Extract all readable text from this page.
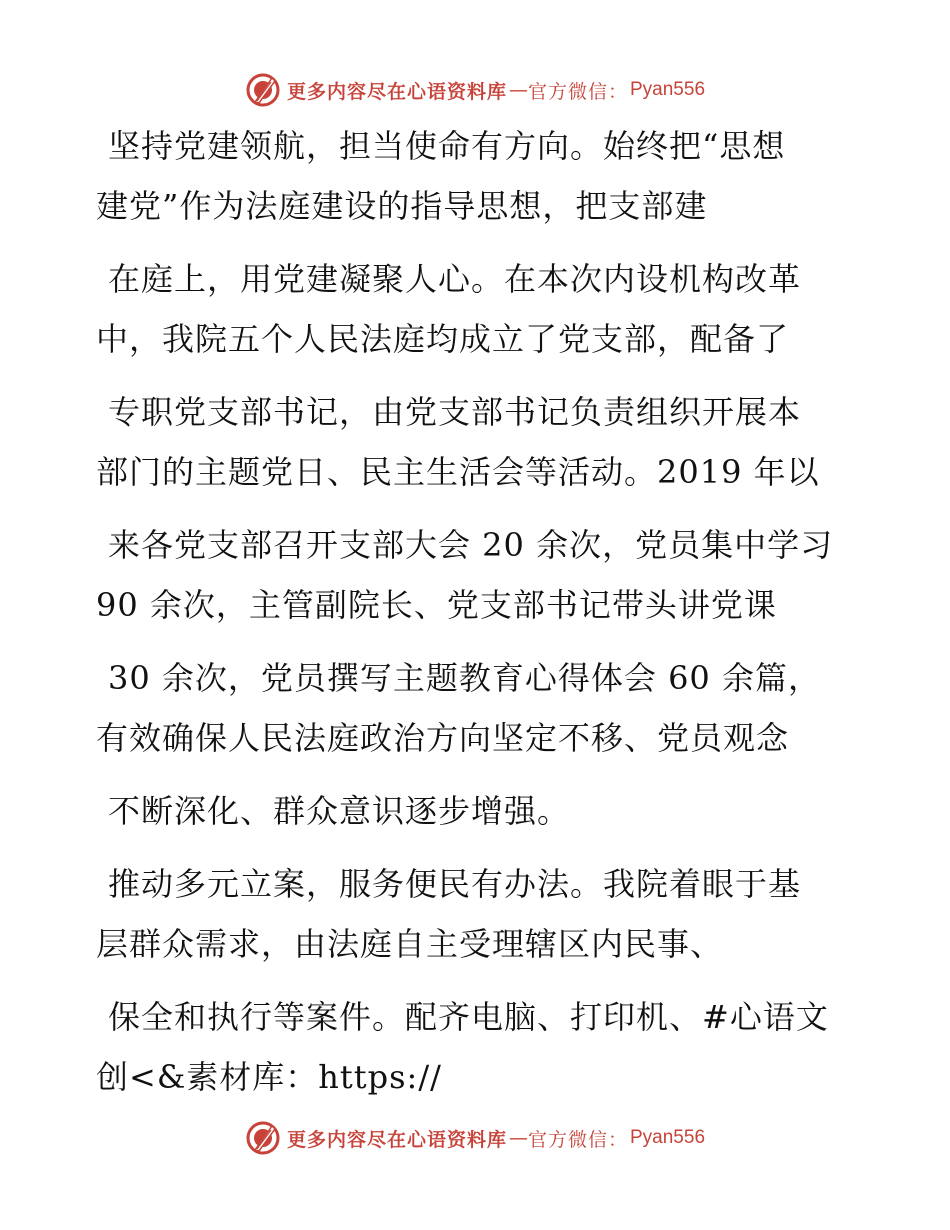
更多内容尽在心语资料库 — 官方微信： Pyan556
坚持党建领航，担当使命有方向。始终把“思想
建党”作为法庭建设的指导思想，把支部建
在庭上，用党建凝聚人心。在本次内设机构改革
中，我院五个人民法庭均成立了党支部，配备了
专职党支部书记，由党支部书记负责组织开展本
部门的主题党日、民主生活会等活动。2019 年以
来各党支部召开支部大会 20 余次，党员集中学习
90 余次，主管副院长、党支部书记带头讲党课
30 余次，党员撰写主题教育心得体会 60 余篇，
有效确保人民法庭政治方向坚定不移、党员观念
不断深化、群众意识逐步增强。
推动多元立案，服务便民有办法。我院着眼于基
层群众需求，由法庭自主受理辖区内民事、
保全和执行等案件。配齐电脑、打印机、#心语文
创<&素材库：https://
更多内容尽在心语资料库 — 官方微信： Pyan556
